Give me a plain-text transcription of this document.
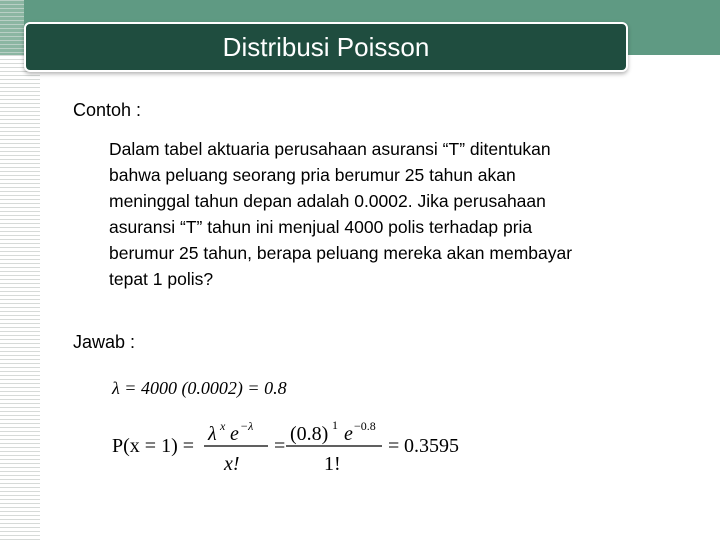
Distribusi Poisson
Contoh :
Dalam tabel aktuaria perusahaan asuransi “T” ditentukan
bahwa peluang seorang pria berumur 25 tahun akan
meninggal tahun depan adalah 0.0002. Jika perusahaan
asuransi “T” tahun ini menjual 4000 polis terhadap pria
berumur 25 tahun, berapa peluang mereka akan membayar
tepat 1 polis?
Jawab :
λ = 4000 (0.0002) = 0.8
P(x = 1) =
λ x e −λ
x!
=
(0.8) 1 e −0.8
1!
= 0.3595
